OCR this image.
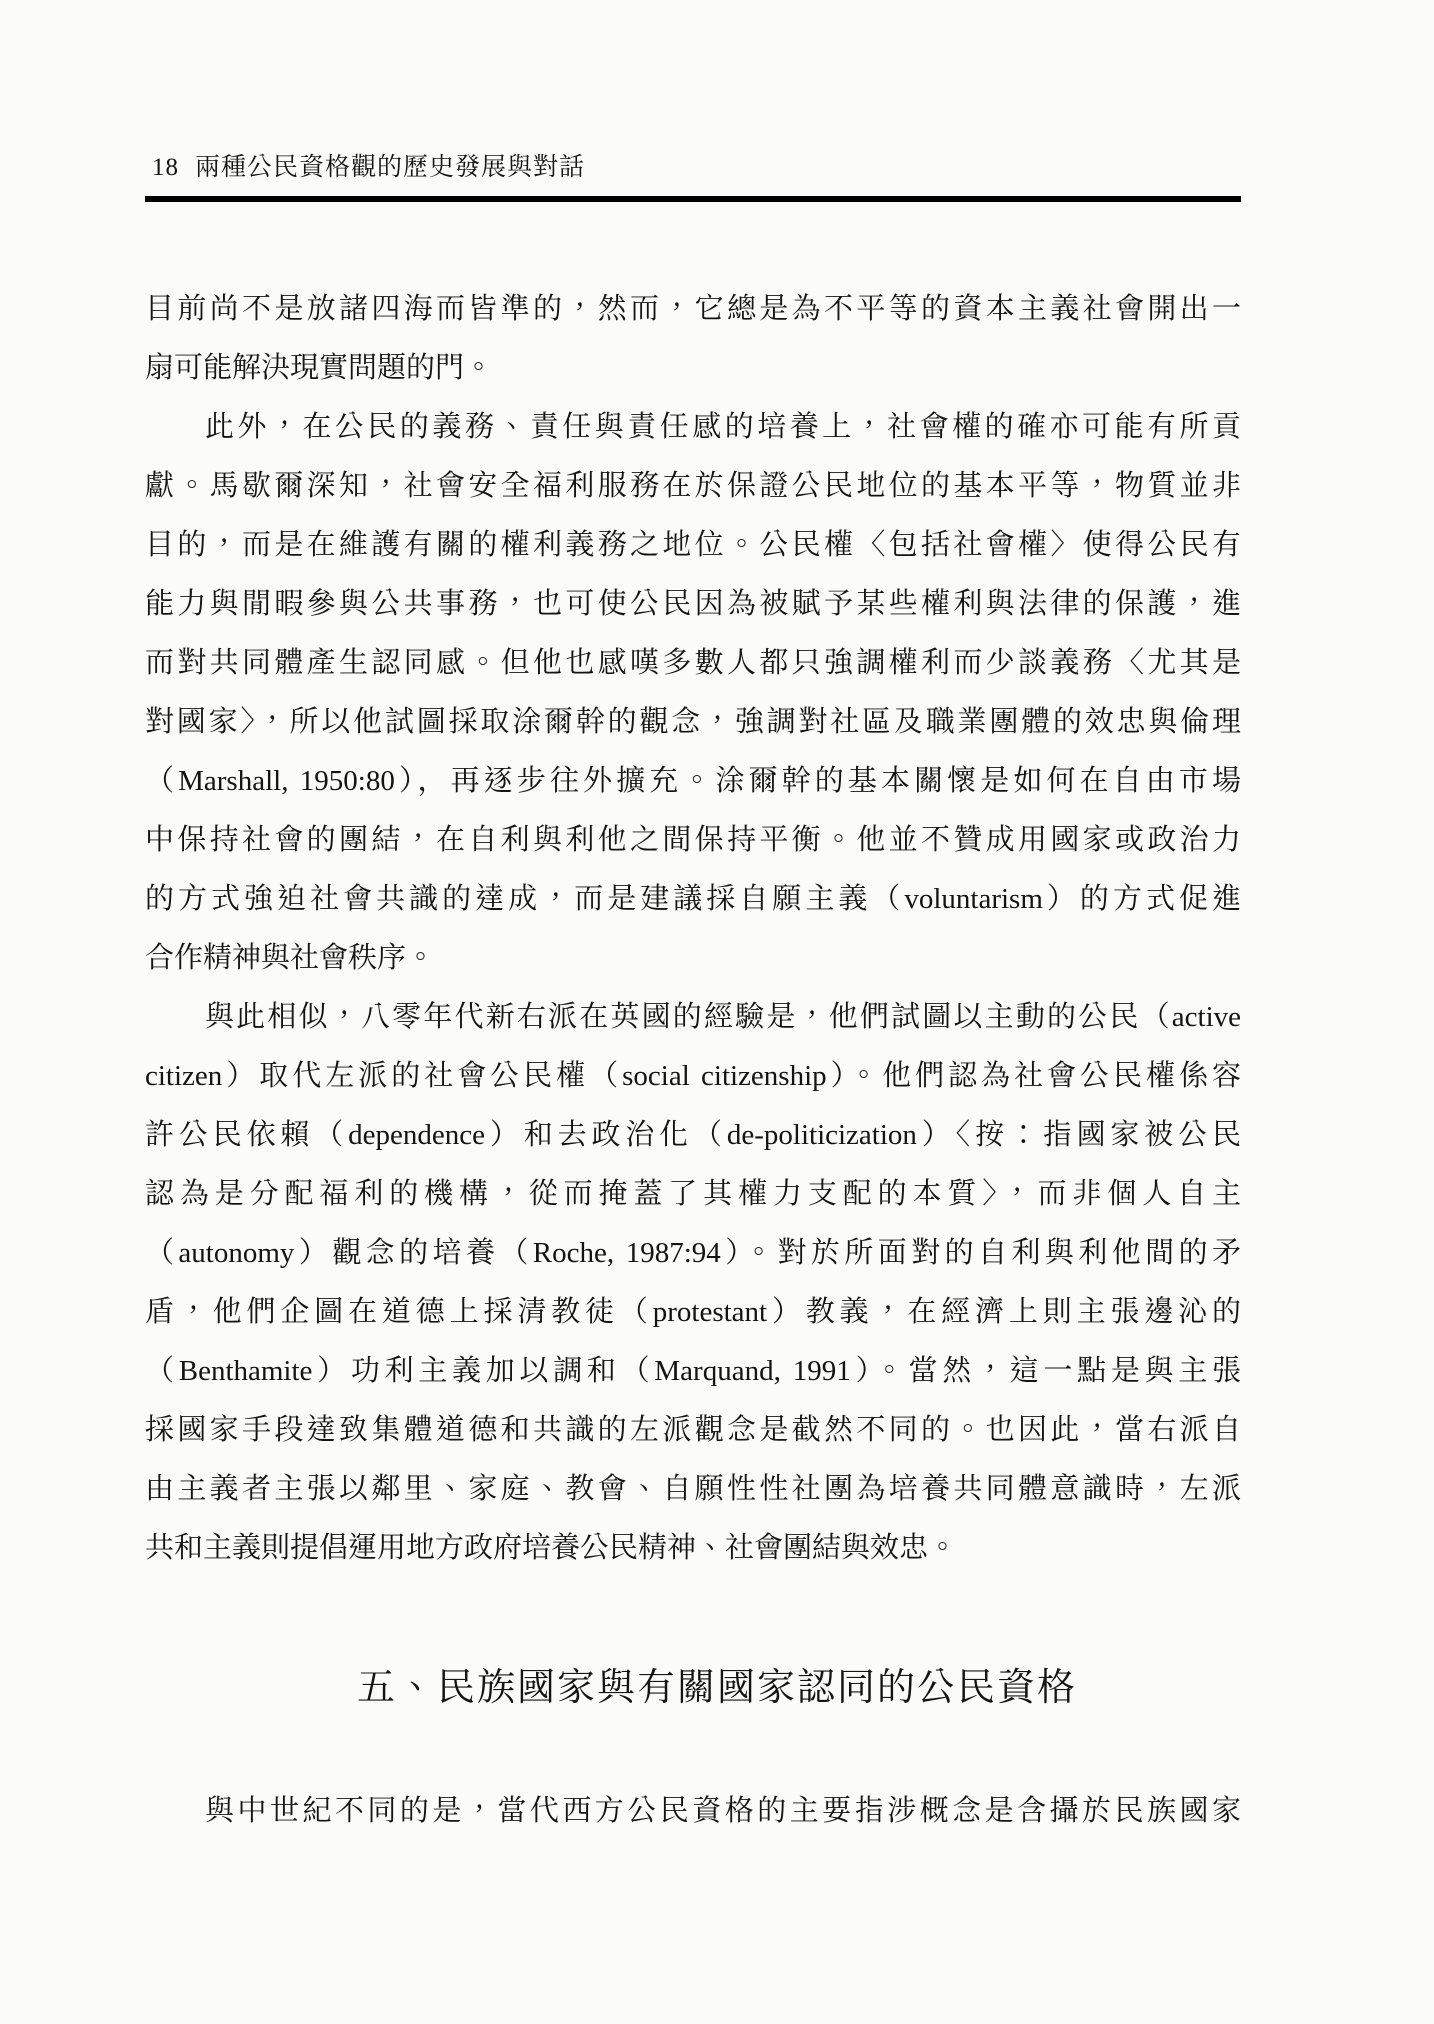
18 兩種公民資格觀的歷史發展與對話
目前尚不是放諸四海而皆準的，然而，它總是為不平等的資本主義社會開出一
扇可能解決現實問題的門。
此外，在公民的義務、責任與責任感的培養上，社會權的確亦可能有所貢
獻。馬歇爾深知，社會安全福利服務在於保證公民地位的基本平等，物質並非
目的，而是在維護有關的權利義務之地位。公民權〈包括社會權〉使得公民有
能力與閒暇參與公共事務，也可使公民因為被賦予某些權利與法律的保護，進
而對共同體產生認同感。但他也感嘆多數人都只強調權利而少談義務〈尤其是
對國家〉，所以他試圖採取涂爾幹的觀念，強調對社區及職業團體的效忠與倫理
（Marshall, 1950:80），再逐步往外擴充。涂爾幹的基本關懷是如何在自由市場
中保持社會的團結，在自利與利他之間保持平衡。他並不贊成用國家或政治力
的方式強迫社會共識的達成，而是建議採自願主義（voluntarism）的方式促進
合作精神與社會秩序。
與此相似，八零年代新右派在英國的經驗是，他們試圖以主動的公民（active
citizen）取代左派的社會公民權（social citizenship）。他們認為社會公民權係容
許公民依賴（dependence）和去政治化（de-politicization）〈按：指國家被公民
認為是分配福利的機構，從而掩蓋了其權力支配的本質〉，而非個人自主
（autonomy）觀念的培養（Roche, 1987:94）。對於所面對的自利與利他間的矛
盾，他們企圖在道德上採清教徒（protestant）教義，在經濟上則主張邊沁的
（Benthamite）功利主義加以調和（Marquand, 1991）。當然，這一點是與主張
採國家手段達致集體道德和共識的左派觀念是截然不同的。也因此，當右派自
由主義者主張以鄰里、家庭、教會、自願性性社團為培養共同體意識時，左派
共和主義則提倡運用地方政府培養公民精神、社會團結與效忠。
五、民族國家與有關國家認同的公民資格
與中世紀不同的是，當代西方公民資格的主要指涉概念是含攝於民族國家
